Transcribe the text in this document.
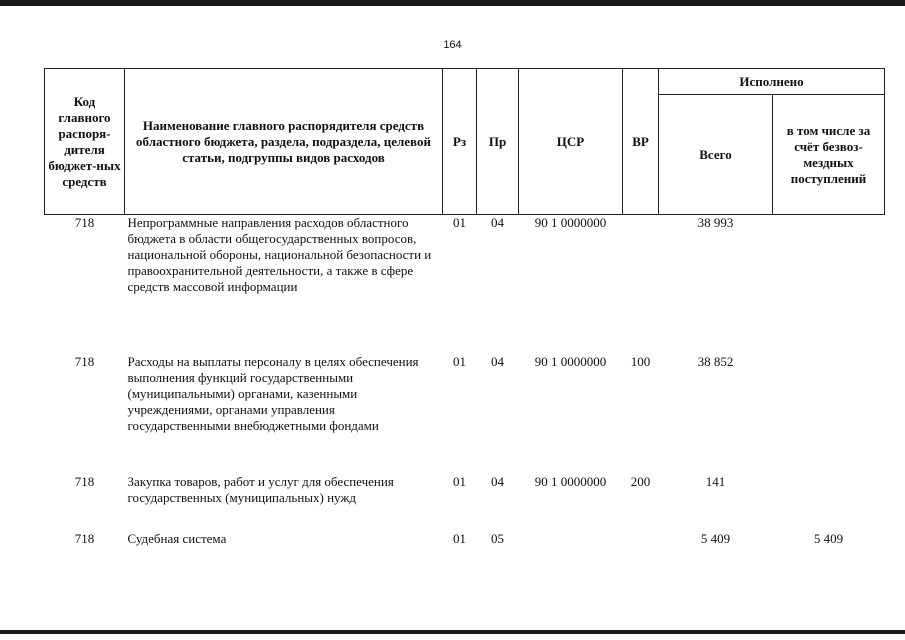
164
Код главного распоря-дителя бюджет-ных средств	Наименование главного распорядителя средств областного бюджета, раздела, подраздела, целевой статьи, подгруппы видов расходов	Рз	Пр	ЦСР	ВР	Исполнено	
						Всего	в том числе за счёт безвоз-мездных поступлений
718	Непрограммные направления расходов областного бюджета в области общегосударственных вопросов, национальной обороны, национальной безопасности и правоохранительной деятельности, а также в сфере средств массовой информации	01	04	90 1 0000000		38 993	
718	Расходы на выплаты персоналу в целях обеспечения выполнения функций государственными (муниципальными) органами, казенными учреждениями, органами управления государственными внебюджетными фондами	01	04	90 1 0000000	100	38 852	
718	Закупка товаров, работ и услуг для обеспечения государственных (муниципальных) нужд	01	04	90 1 0000000	200	141	
718	Судебная система	01	05			5 409	5 409
